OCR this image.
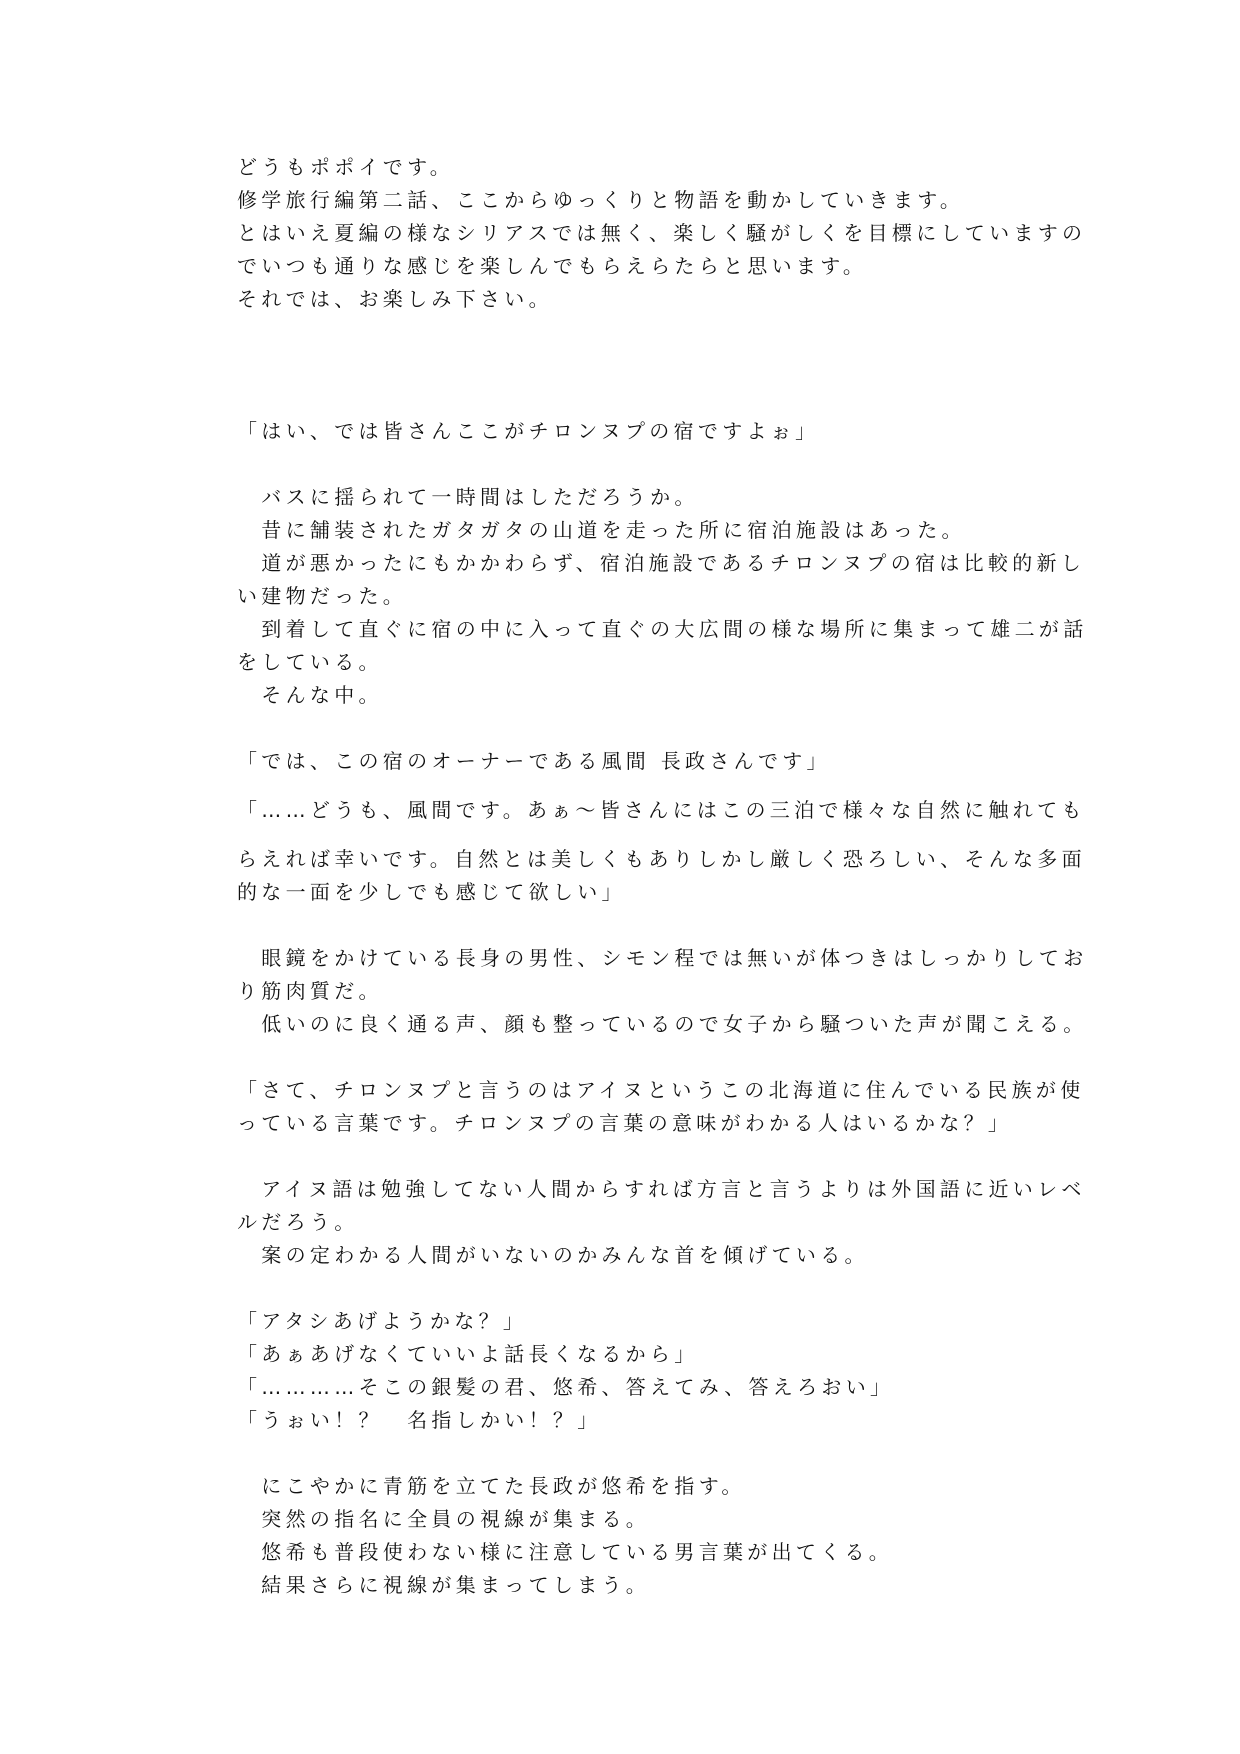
どうもポポイです。
修学旅行編第二話、ここからゆっくりと物語を動かしていきます。
とはいえ夏編の様なシリアスでは無く、楽しく騒がしくを目標にしていますの
でいつも通りな感じを楽しんでもらえらたらと思います。
それでは、お楽しみ下さい。
「はい、では皆さんここがチロンヌプの宿ですよぉ」
　バスに揺られて一時間はしただろうか。
　昔に舗装されたガタガタの山道を走った所に宿泊施設はあった。
　道が悪かったにもかかわらず、宿泊施設であるチロンヌプの宿は比較的新し
い建物だった。
　到着して直ぐに宿の中に入って直ぐの大広間の様な場所に集まって雄二が話
をしている。
　そんな中。
「では、この宿のオーナーである風間 長政さんです」
「……どうも、風間です。あぁ〜皆さんにはこの三泊で様々な自然に触れても
らえれば幸いです。自然とは美しくもありしかし厳しく恐ろしい、そんな多面
的な一面を少しでも感じて欲しい」
　眼鏡をかけている長身の男性、シモン程では無いが体つきはしっかりしてお
り筋肉質だ。
　低いのに良く通る声、顔も整っているので女子から騒ついた声が聞こえる。
「さて、チロンヌプと言うのはアイヌというこの北海道に住んでいる民族が使
っている言葉です。チロンヌプの言葉の意味がわかる人はいるかな？」
　アイヌ語は勉強してない人間からすれば方言と言うよりは外国語に近いレベ
ルだろう。
　案の定わかる人間がいないのかみんな首を傾げている。
「アタシあげようかな？」
「あぁあげなくていいよ話長くなるから」
「…………そこの銀髪の君、悠希、答えてみ、答えろおい」
「うぉい！？　名指しかい！？」
　にこやかに青筋を立てた長政が悠希を指す。
　突然の指名に全員の視線が集まる。
　悠希も普段使わない様に注意している男言葉が出てくる。
　結果さらに視線が集まってしまう。
